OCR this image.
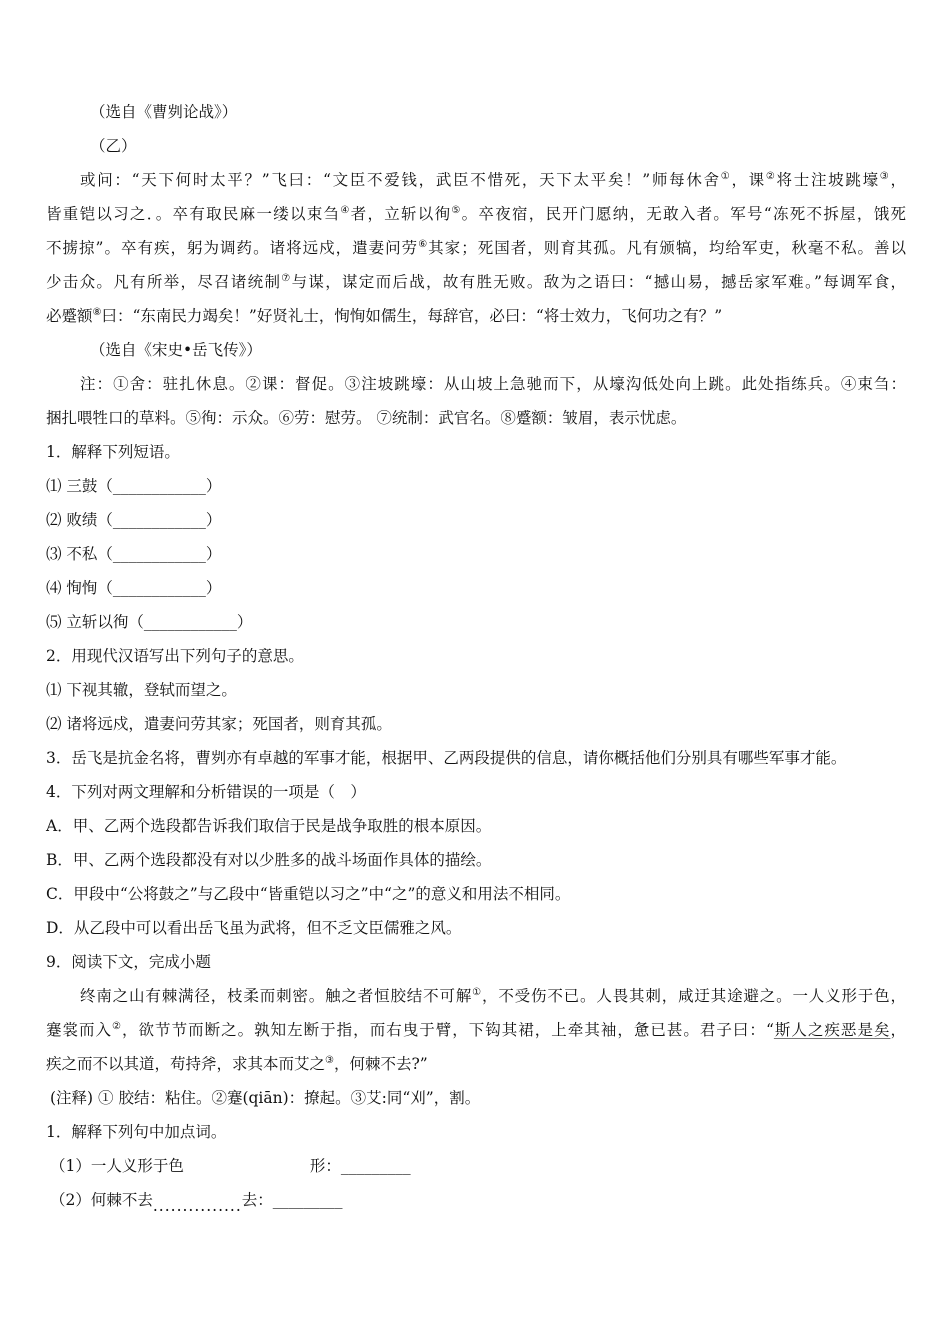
（选自《曹刿论战》）
（乙）
或问：“天下何时太平？”飞曰：“文臣不爱钱，武臣不惜死，天下太平矣！”师每休舍①，课②将士注坡跳壕③，
皆重铠以习之．。卒有取民麻一缕以束刍④者，立斩以徇⑤。卒夜宿，民开门愿纳，无敢入者。军号“冻死不拆屋，饿死
不掳掠”。卒有疾，躬为调药。诸将远戍，遣妻问劳⑥其家；死国者，则育其孤。凡有颁犒，均给军吏，秋毫不私。善以
少击众。凡有所举，尽召诸统制⑦与谋，谋定而后战，故有胜无败。敌为之语曰：“撼山易，撼岳家军难。”每调军食，
必蹙额⑧曰：“东南民力竭矣！”好贤礼士，恂恂如儒生，每辞官，必曰：“将士效力，飞何功之有？”
（选自《宋史•岳飞传》）
注：①舍：驻扎休息。②课：督促。③注坡跳壕：从山坡上急驰而下，从壕沟低处向上跳。此处指练兵。④束刍：
捆扎喂牲口的草料。⑤徇：示众。⑥劳：慰劳。 ⑦统制：武官名。⑧蹙额：皱眉，表示忧虑。
1．解释下列短语。
⑴ 三鼓（____________）
⑵ 败绩（____________）
⑶ 不私（____________）
⑷ 恂恂（____________）
⑸ 立斩以徇（____________）
2．用现代汉语写出下列句子的意思。
⑴ 下视其辙，登轼而望之。
⑵ 诸将远戍，遣妻问劳其家；死国者，则育其孤。
3．岳飞是抗金名将，曹刿亦有卓越的军事才能，根据甲、乙两段提供的信息，请你概括他们分别具有哪些军事才能。
4．下列对两文理解和分析错误的一项是（　）
A．甲、乙两个选段都告诉我们取信于民是战争取胜的根本原因。
B．甲、乙两个选段都没有对以少胜多的战斗场面作具体的描绘。
C．甲段中“公将鼓之”与乙段中“皆重铠以习之”中“之”的意义和用法不相同。
D．从乙段中可以看出岳飞虽为武将，但不乏文臣儒雅之风。
9．阅读下文，完成小题
终南之山有棘满径，枝柔而刺密。触之者恒胶结不可解①，不受伤不已。人畏其刺，咸迂其途避之。一人义形于色，
蹇裳而入②，欲节节而断之。孰知左断于指，而右曳于臂，下钩其裙，上牵其袖，惫已甚。君子曰：“斯人之疾恶是矣，
疾之而不以其道，苟持斧，求其本而艾之③，何棘不去?”
(注释) ① 胶结：粘住。②蹇(qiān)：撩起。③艾:同“刈”，割。
1．解释下列句中加点词。
（1）一人义形于色	形：_________
（2）何棘不去...............去：_________
